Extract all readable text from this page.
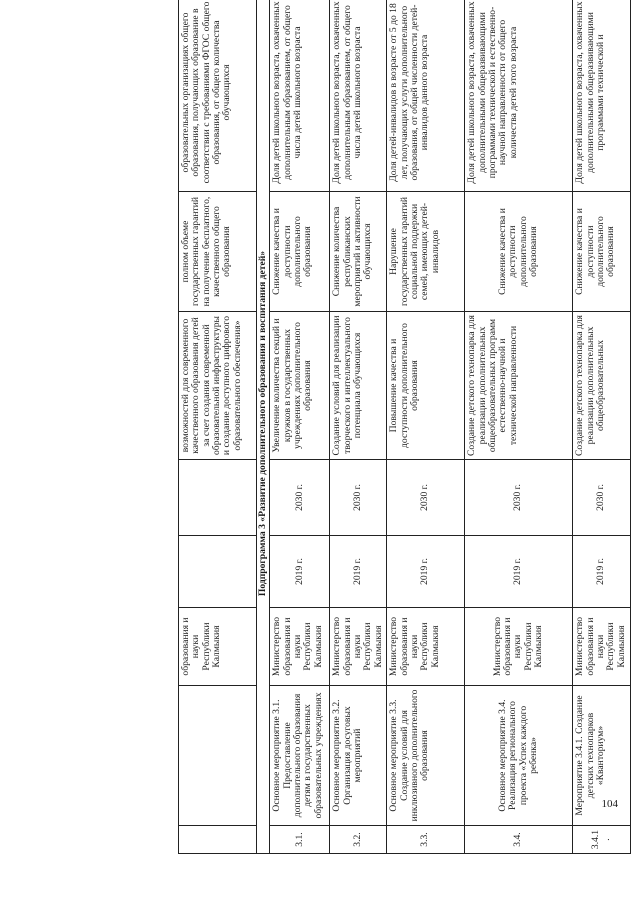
104
		образования и науки Республики Калмыкия			возможностей для современного качественного образования детей за счет создания современной образовательной инфраструктуры и создание доступного цифрового образовательного обеспечения»	полном объеме государственных гарантий на получение бесплатного, качественного общего образования	образовательных организациях общего образования, получающих образование в соответствии с требованиями ФГОС общего образования, от общего количества обучающихся
Подпрограмма 3 «Развитие дополнительного образования и воспитания детей»							
3.1.	Основное мероприятие 3.1. Предоставление дополнительного образования детям в государственных образовательных учреждениях	Министерство образования и науки Республики Калмыкия	2019 г.	2030 г.	Увеличение количества секций и кружков в государственных учреждениях дополнительного образования	Снижение качества и доступности дополнительного образования	Доля детей школьного возраста, охваченных дополнительным образованием, от общего числа детей школьного возраста
3.2.	Основное мероприятие 3.2. Организация досуговых мероприятий	Министерство образования и науки Республики Калмыкия	2019 г.	2030 г.	Создание условий для реализации творческого и интеллектуального потенциала обучающихся	Снижение количества республиканских мероприятий и активности обучающихся	Доля детей школьного возраста, охваченных дополнительным образованием, от общего числа детей школьного возраста
3.3.	Основное мероприятие 3.3. Создание условий для инклюзивного дополнительного образования	Министерство образования и науки Республики Калмыкия	2019 г.	2030 г.	Повышение качества и доступности дополнительного образования	Нарушение государственных гарантий социальной поддержки семей, имеющих детей-инвалидов	Доля детей-инвалидов в возрасте от 5 до 18 лет, получающих услуги дополнительного образования, от общей численности детей-инвалидов данного возраста
3.4.	Основное мероприятие 3.4. Реализация регионального проекта «Успех каждого ребенка»	Министерство образования и науки Республики Калмыкия	2019 г.	2030 г.	Создание детского технопарка для реализации дополнительных общеобразовательных программ естественно-научной и технической направленности	Снижение качества и доступности дополнительного образования	Доля детей школьного возраста, охваченных дополнительными общеразвивающими программами технической и естественно-научной направленности от общего количества детей этого возраста
3.4.1.	Мероприятие 3.4.1. Создание детских технопарков «Кванториум»	Министерство образования и науки Республики Калмыкия	2019 г.	2030 г.	Создание детского технопарка для реализации дополнительных общеобразовательных	Снижение качества и доступности дополнительного образования	Доля детей школьного возраста, охваченных дополнительными общеразвивающими программами технической и
